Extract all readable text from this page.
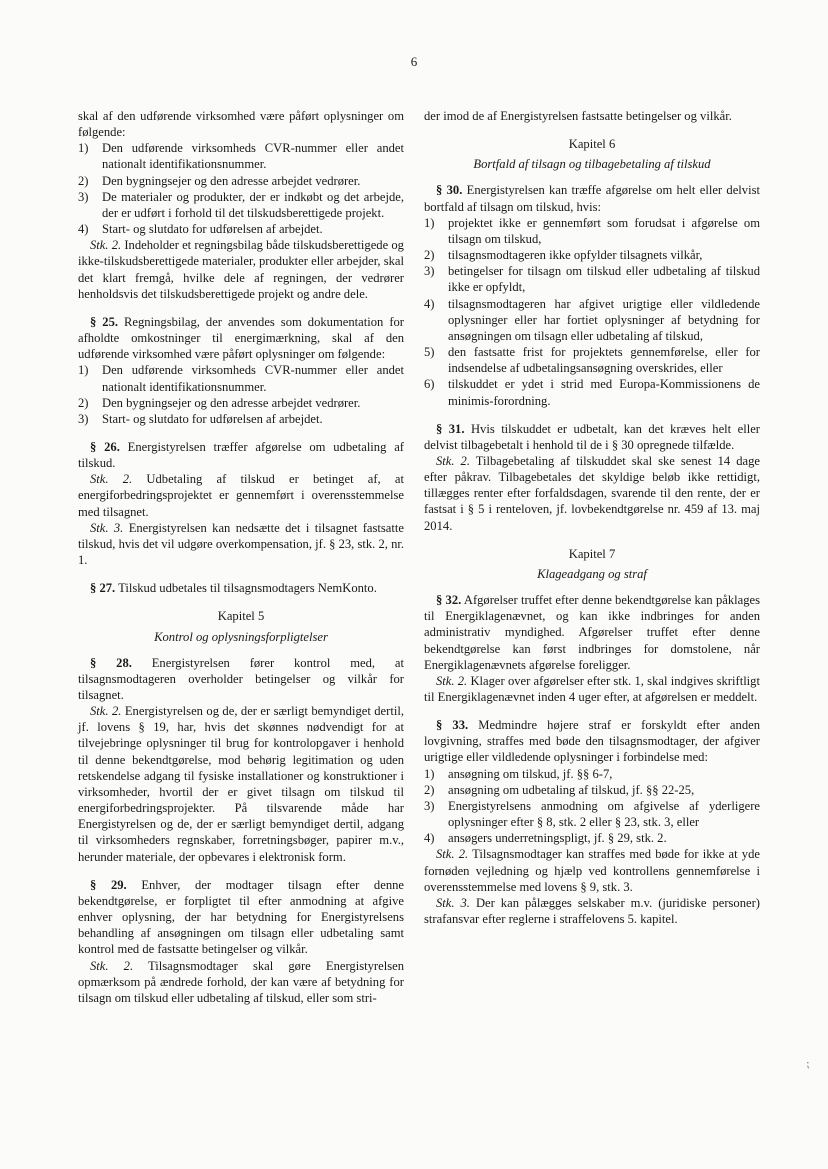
6

skal af den udførende virksomhed være påført oplysninger om følgende:

1)	Den udførende virksomheds CVR-nummer eller andet nationalt identifikationsnummer.
2)	Den bygningsejer og den adresse arbejdet vedrører.
3)	De materialer og produkter, der er indkøbt og det arbejde, der er udført i forhold til det tilskudsberettigede projekt.
4)	Start- og slutdato for udførelsen af arbejdet.

Stk. 2. Indeholder et regningsbilag både tilskudsberettigede og ikke-tilskudsberettigede materialer, produkter eller arbejder, skal det klart fremgå, hvilke dele af regningen, der vedrører henholdsvis det tilskudsberettigede projekt og andre dele.

§ 25. Regningsbilag, der anvendes som dokumentation for afholdte omkostninger til energimærkning, skal af den udførende virksomhed være påført oplysninger om følgende:

1)	Den udførende virksomheds CVR-nummer eller andet nationalt identifikationsnummer.
2)	Den bygningsejer og den adresse arbejdet vedrører.
3)	Start- og slutdato for udførelsen af arbejdet.

§ 26. Energistyrelsen træffer afgørelse om udbetaling af tilskud.

Stk. 2. Udbetaling af tilskud er betinget af, at energiforbedringsprojektet er gennemført i overensstemmelse med tilsagnet.

Stk. 3. Energistyrelsen kan nedsætte det i tilsagnet fastsatte tilskud, hvis det vil udgøre overkompensation, jf. § 23, stk. 2, nr. 1.

§ 27. Tilskud udbetales til tilsagnsmodtagers NemKonto.

Kapitel 5
Kontrol og oplysningsforpligtelser

§ 28. Energistyrelsen fører kontrol med, at tilsagnsmodtageren overholder betingelser og vilkår for tilsagnet.

Stk. 2. Energistyrelsen og de, der er særligt bemyndiget dertil, jf. lovens § 19, har, hvis det skønnes nødvendigt for at tilvejebringe oplysninger til brug for kontrolopgaver i henhold til denne bekendtgørelse, mod behørig legitimation og uden retskendelse adgang til fysiske installationer og konstruktioner i virksomheder, hvortil der er givet tilsagn om tilskud til energiforbedringsprojekter. På tilsvarende måde har Energistyrelsen og de, der er særligt bemyndiget dertil, adgang til virksomheders regnskaber, forretningsbøger, papirer m.v., herunder materiale, der opbevares i elektronisk form.

§ 29. Enhver, der modtager tilsagn efter denne bekendtgørelse, er forpligtet til efter anmodning at afgive enhver oplysning, der har betydning for Energistyrelsens behandling af ansøgningen om tilsagn eller udbetaling samt kontrol med de fastsatte betingelser og vilkår.

Stk. 2. Tilsagnsmodtager skal gøre Energistyrelsen opmærksom på ændrede forhold, der kan være af betydning for tilsagn om tilskud eller udbetaling af tilskud, eller som stri-

der imod de af Energistyrelsen fastsatte betingelser og vilkår.

Kapitel 6
Bortfald af tilsagn og tilbagebetaling af tilskud

§ 30. Energistyrelsen kan træffe afgørelse om helt eller delvist bortfald af tilsagn om tilskud, hvis:

1)	projektet ikke er gennemført som forudsat i afgørelse om tilsagn om tilskud,
2)	tilsagnsmodtageren ikke opfylder tilsagnets vilkår,
3)	betingelser for tilsagn om tilskud eller udbetaling af tilskud ikke er opfyldt,
4)	tilsagnsmodtageren har afgivet urigtige eller vildledende oplysninger eller har fortiet oplysninger af betydning for ansøgningen om tilsagn eller udbetaling af tilskud,
5)	den fastsatte frist for projektets gennemførelse, eller for indsendelse af udbetalingsansøgning overskrides, eller
6)	tilskuddet er ydet i strid med Europa-Kommissionens de minimis-forordning.

§ 31. Hvis tilskuddet er udbetalt, kan det kræves helt eller delvist tilbagebetalt i henhold til de i § 30 opregnede tilfælde.

Stk. 2. Tilbagebetaling af tilskuddet skal ske senest 14 dage efter påkrav. Tilbagebetales det skyldige beløb ikke rettidigt, tillægges renter efter forfaldsdagen, svarende til den rente, der er fastsat i § 5 i renteloven, jf. lovbekendtgørelse nr. 459 af 13. maj 2014.

Kapitel 7
Klageadgang og straf

§ 32. Afgørelser truffet efter denne bekendtgørelse kan påklages til Energiklagenævnet, og kan ikke indbringes for anden administrativ myndighed. Afgørelser truffet efter denne bekendtgørelse kan først indbringes for domstolene, når Energiklagenævnets afgørelse foreligger.

Stk. 2. Klager over afgørelser efter stk. 1, skal indgives skriftligt til Energiklagenævnet inden 4 uger efter, at afgørelsen er meddelt.

§ 33. Medmindre højere straf er forskyldt efter anden lovgivning, straffes med bøde den tilsagnsmodtager, der afgiver urigtige eller vildledende oplysninger i forbindelse med:

1)	ansøgning om tilskud, jf. §§ 6-7,
2)	ansøgning om udbetaling af tilskud, jf. §§ 22-25,
3)	Energistyrelsens anmodning om afgivelse af yderligere oplysninger efter § 8, stk. 2 eller § 23, stk. 3, eller
4)	ansøgers underretningspligt, jf. § 29, stk. 2.

Stk. 2. Tilsagnsmodtager kan straffes med bøde for ikke at yde fornøden vejledning og hjælp ved kontrollens gennemførelse i overensstemmelse med lovens § 9, stk. 3.

Stk. 3. Der kan pålægges selskaber m.v. (juridiske personer) strafansvar efter reglerne i straffelovens 5. kapitel.

⁏
